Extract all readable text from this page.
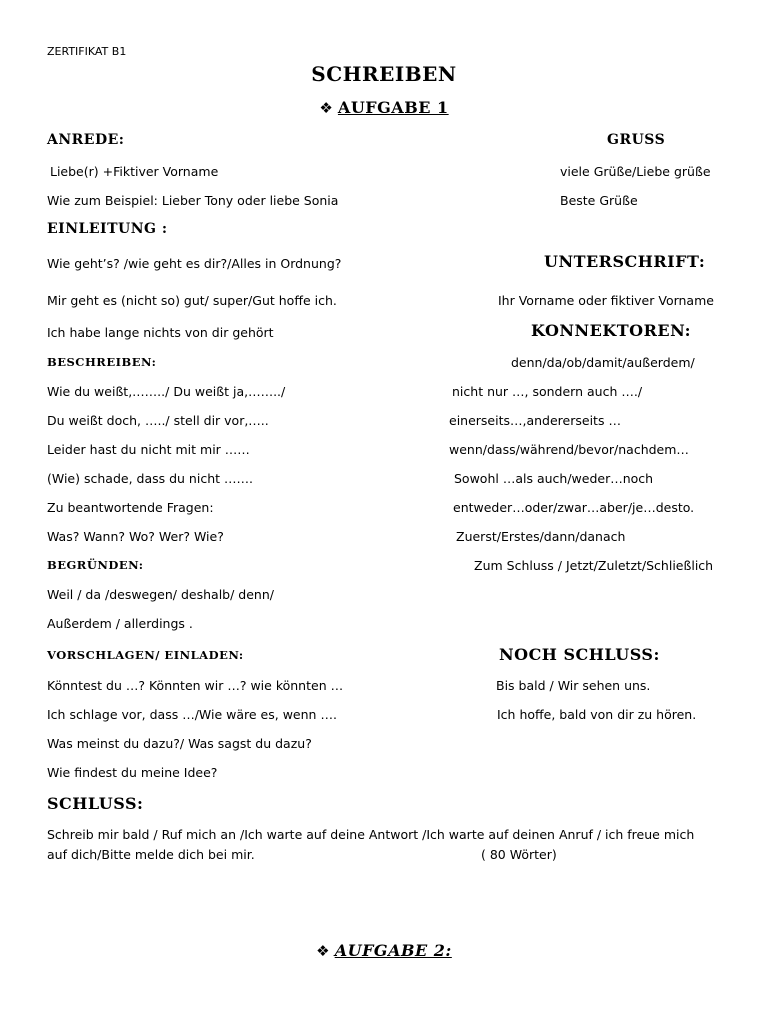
ZERTIFIKAT B1
SCHREIBEN
❖ AUFGABE 1
ANREDE:	GRUSS
Liebe(r) +Fiktiver Vorname	viele Grüße/Liebe grüße
Wie zum Beispiel: Lieber Tony oder liebe Sonia	Beste Grüße
EINLEITUNG :
Wie geht’s? /wie geht es dir?/Alles in Ordnung?	UNTERSCHRIFT:
Mir geht es (nicht so) gut/ super/Gut hoffe ich.	Ihr Vorname oder fiktiver Vorname
Ich habe lange nichts von dir gehört	KONNEKTOREN:
BESCHREIBEN:	denn/da/ob/damit/außerdem/
Wie du weißt,……../ Du weißt ja,……../	nicht nur …, sondern auch …./
Du weißt doch, …../ stell dir vor,…..	einerseits…,andererseits …
Leider hast du nicht mit mir ……	wenn/dass/während/bevor/nachdem…
(Wie) schade, dass du nicht …….	Sowohl …als auch/weder…noch
Zu beantwortende Fragen:	entweder…oder/zwar…aber/je…desto.
Was? Wann? Wo? Wer? Wie?	Zuerst/Erstes/dann/danach
BEGRÜNDEN:	Zum Schluss / Jetzt/Zuletzt/Schließlich
Weil / da /deswegen/ deshalb/ denn/
Außerdem / allerdings .
VORSCHLAGEN/ EINLADEN:	NOCH SCHLUSS:
Könntest du …? Könnten wir …? wie könnten …	Bis bald / Wir sehen uns.
Ich schlage vor, dass …/Wie wäre es, wenn ….	Ich hoffe, bald von dir zu hören.
Was meinst du dazu?/ Was sagst du dazu?
Wie findest du meine Idee?
SCHLUSS:
Schreib mir bald / Ruf mich an /Ich warte auf deine Antwort /Ich warte auf deinen Anruf / ich freue mich
auf dich/Bitte melde dich bei mir.	( 80 Wörter)
❖ AUFGABE 2:
